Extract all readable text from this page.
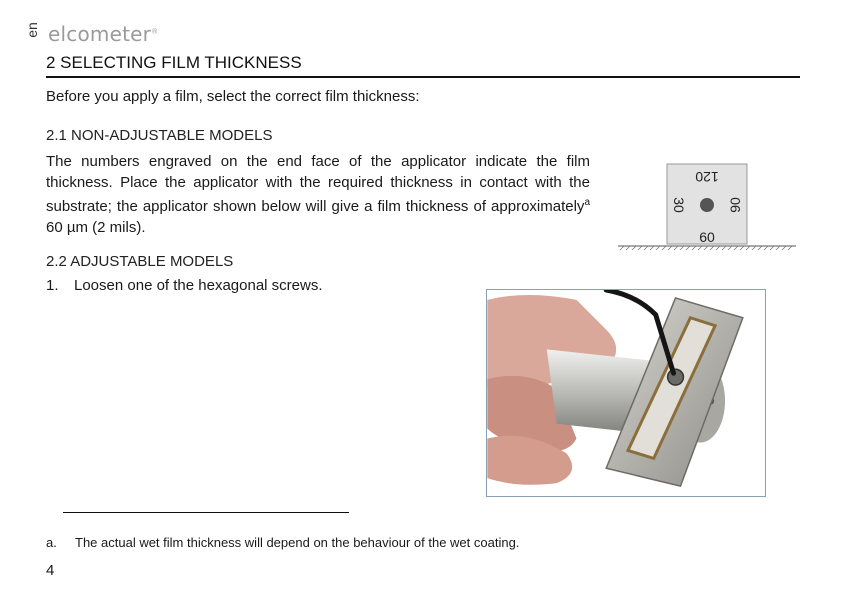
en elcometer®
2 SELECTING FILM THICKNESS
Before you apply a film, select the correct film thickness:
2.1 NON-ADJUSTABLE MODELS
The numbers engraved on the end face of the applicator indicate the film thickness. Place the applicator with the required thickness in contact with the substrate; the applicator shown below will give a film thickness of approximately$^a$ 60 µm (2 mils).
120
30	90
60
2.2 ADJUSTABLE MODELS
1. Loosen one of the hexagonal screws.
a. The actual wet film thickness will depend on the behaviour of the wet coating.
4
